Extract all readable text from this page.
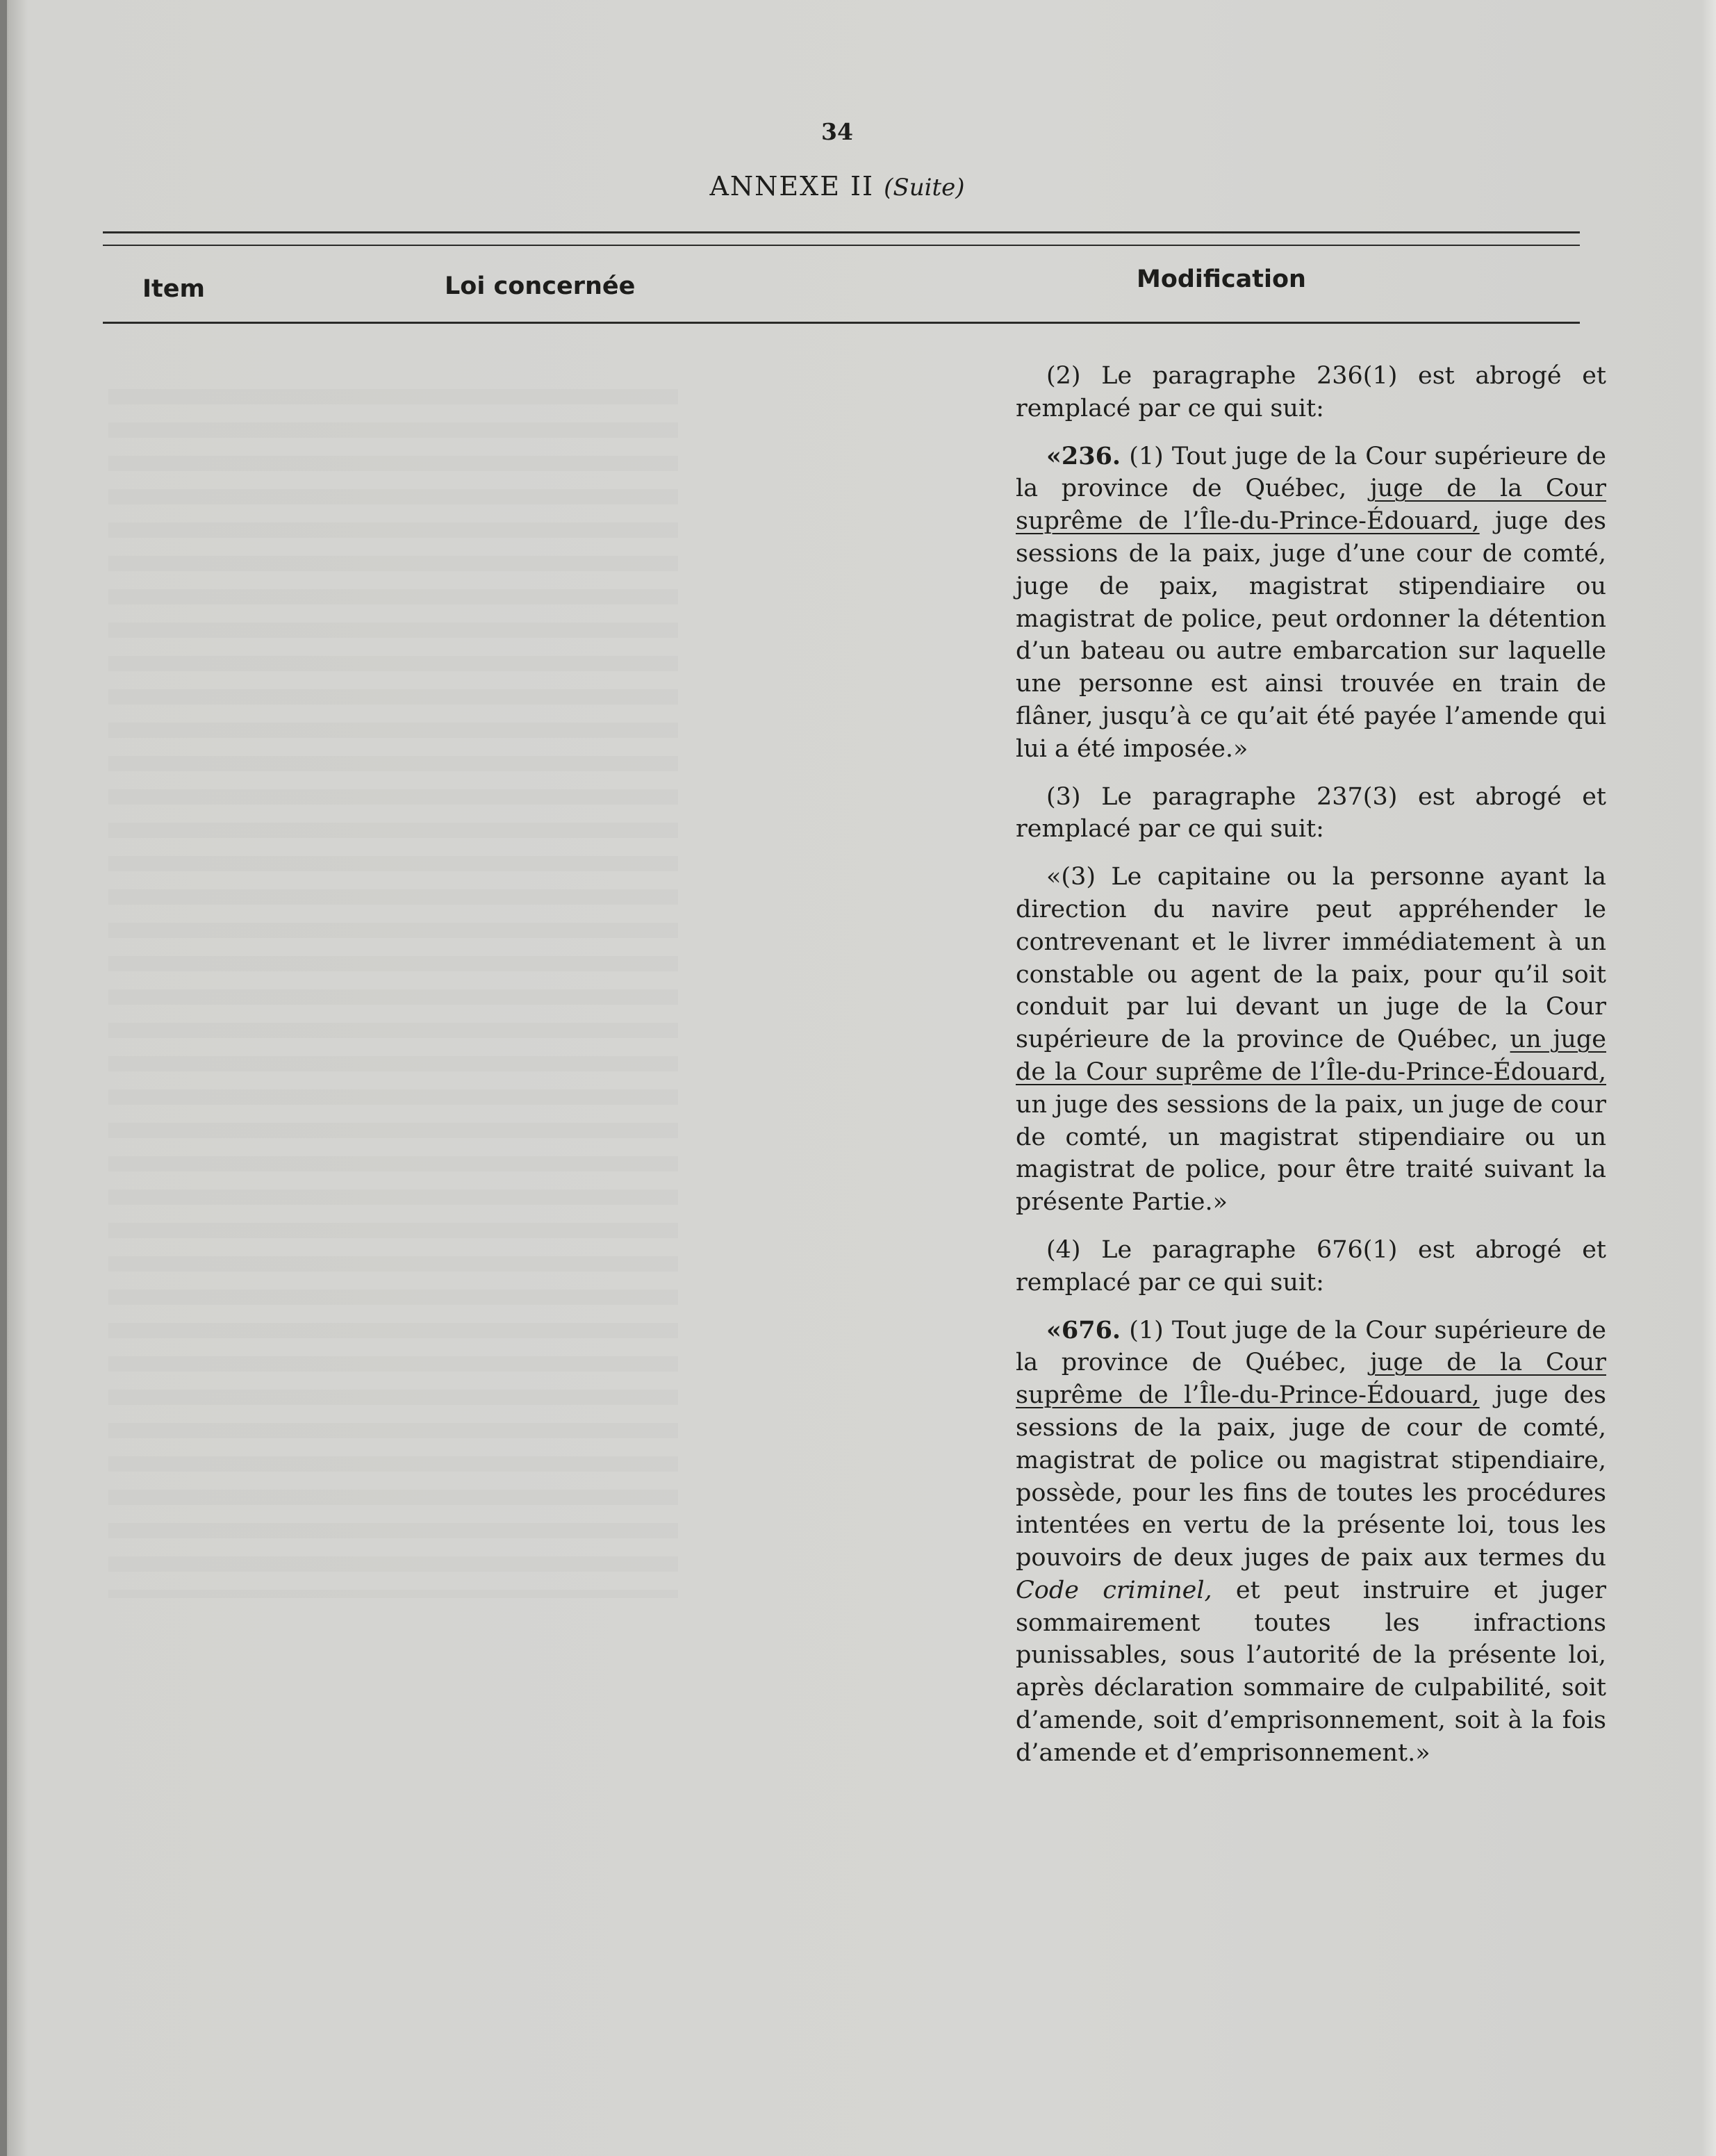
34
ANNEXE II (Suite)
Item	Loi concernée	Modification

(2) Le paragraphe 236(1) est abrogé et remplacé par ce qui suit:

«236. (1) Tout juge de la Cour supérieure de la province de Québec, juge de la Cour suprême de l’Île-du-Prince-Édouard, juge des sessions de la paix, juge d’une cour de comté, juge de paix, magistrat stipendiaire ou magistrat de police, peut ordonner la détention d’un bateau ou autre embarcation sur laquelle une personne est ainsi trouvée en train de flâner, jusqu’à ce qu’ait été payée l’amende qui lui a été imposée.»

(3) Le paragraphe 237(3) est abrogé et remplacé par ce qui suit:

«(3) Le capitaine ou la personne ayant la direction du navire peut appréhender le contrevenant et le livrer immédiatement à un constable ou agent de la paix, pour qu’il soit conduit par lui devant un juge de la Cour supérieure de la province de Québec, un juge de la Cour suprême de l’Île-du-Prince-Édouard, un juge des sessions de la paix, un juge de cour de comté, un magistrat stipendiaire ou un magistrat de police, pour être traité suivant la présente Partie.»

(4) Le paragraphe 676(1) est abrogé et remplacé par ce qui suit:

«676. (1) Tout juge de la Cour supérieure de la province de Québec, juge de la Cour suprême de l’Île-du-Prince-Édouard, juge des sessions de la paix, juge de cour de comté, magistrat de police ou magistrat stipendiaire, possède, pour les fins de toutes les procédures intentées en vertu de la présente loi, tous les pouvoirs de deux juges de paix aux termes du Code criminel, et peut instruire et juger sommairement toutes les infractions punissables, sous l’autorité de la présente loi, après déclaration sommaire de culpabilité, soit d’amende, soit d’emprisonnement, soit à la fois d’amende et d’emprisonnement.»
